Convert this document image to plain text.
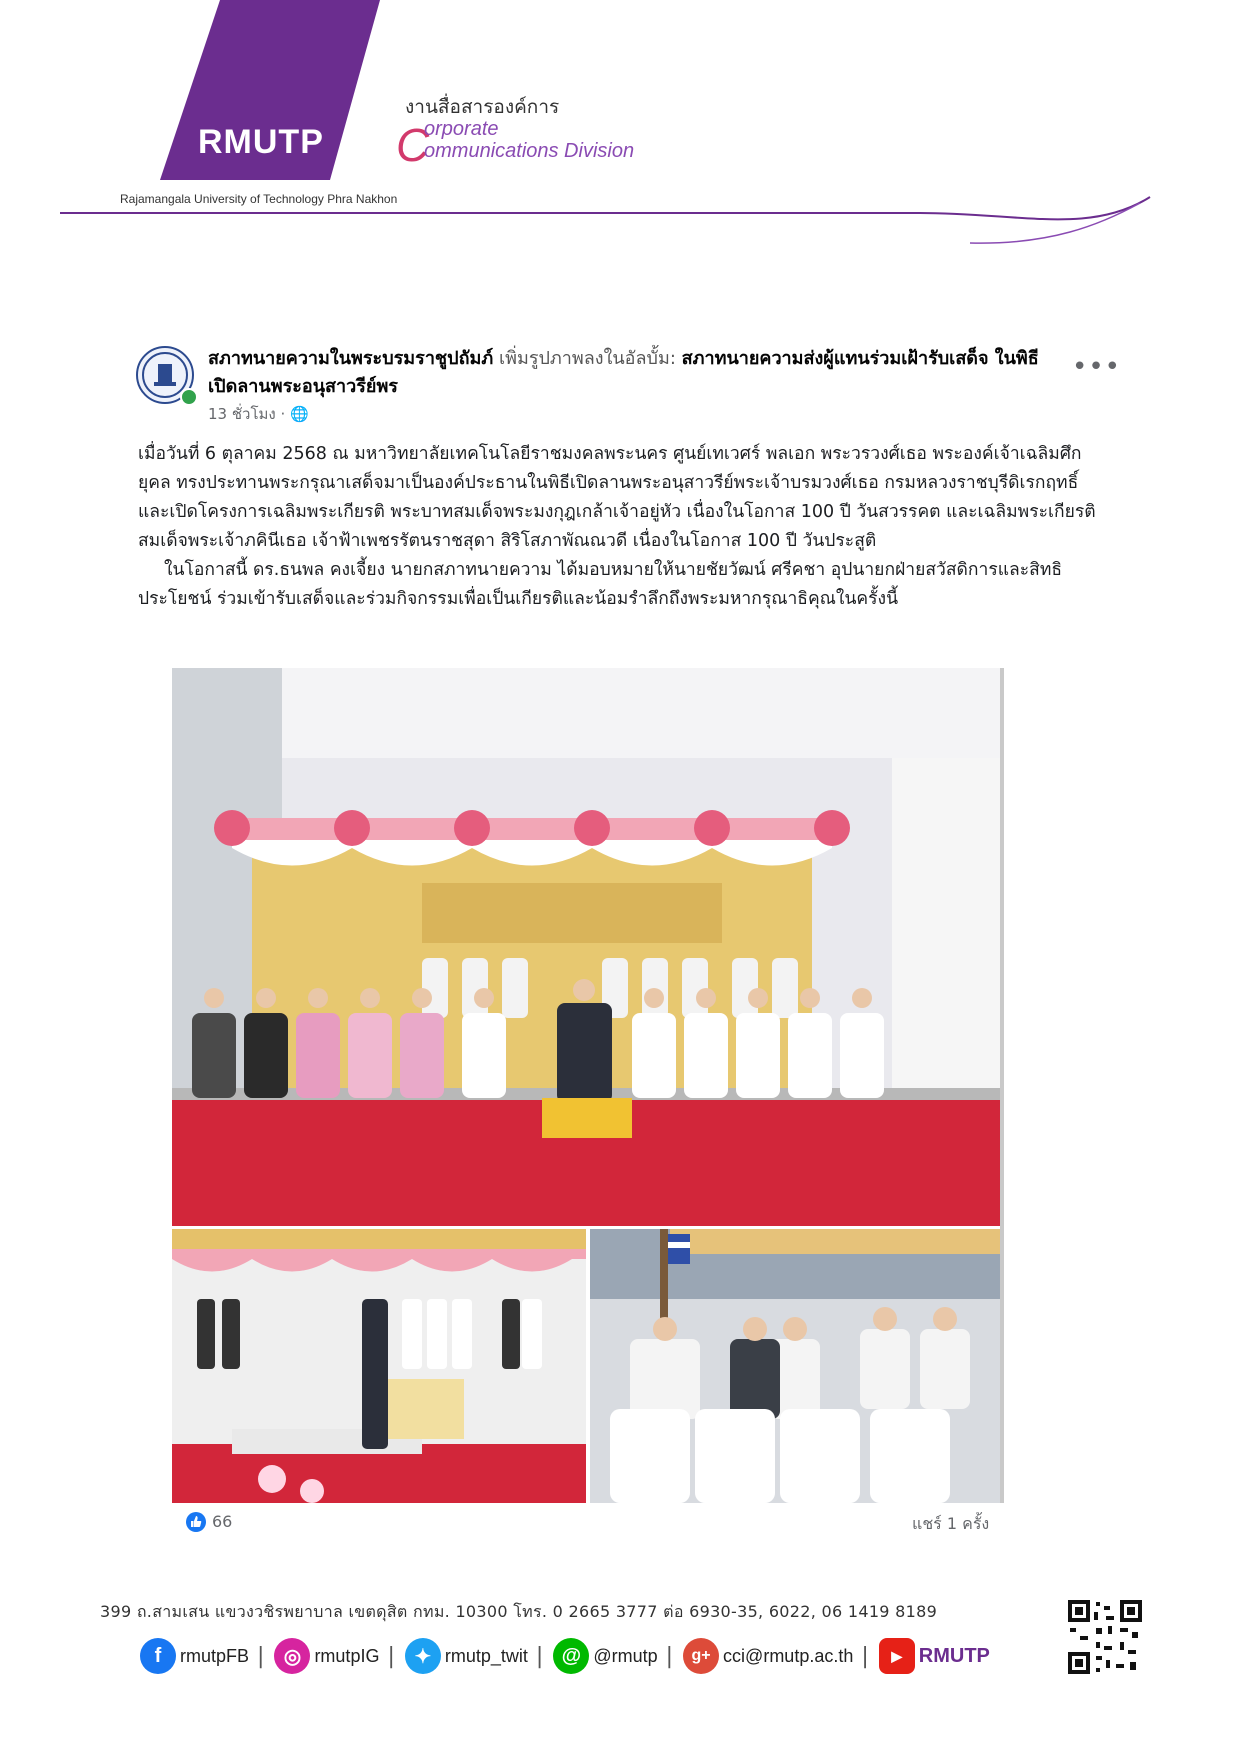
RMUTP
Rajamangala University of Technology Phra Nakhon
งานสื่อสารองค์การ
C
orporate
ommunications Division
สภาทนายความในพระบรมราชูปถัมภ์ เพิ่มรูปภาพลงในอัลบั้ม: สภาทนายความส่งผู้แทนร่วมเฝ้ารับเสด็จ ในพิธีเปิดลานพระอนุสาวรีย์พร
13 ชั่วโมง · 🌐
•••

เมื่อวันที่ 6 ตุลาคม 2568 ณ มหาวิทยาลัยเทคโนโลยีราชมงคลพระนคร ศูนย์เทเวศร์ พลเอก พระวรวงศ์เธอ พระองค์เจ้าเฉลิมศึกยุคล ทรงประทานพระกรุณาเสด็จมาเป็นองค์ประธานในพิธีเปิดลานพระอนุสาวรีย์พระเจ้าบรมวงศ์เธอ กรมหลวงราชบุรีดิเรกฤทธิ์ และเปิดโครงการเฉลิมพระเกียรติ พระบาทสมเด็จพระมงกุฎเกล้าเจ้าอยู่หัว เนื่องในโอกาส 100 ปี วันสวรรคต และเฉลิมพระเกียรติ สมเด็จพระเจ้าภคินีเธอ เจ้าฟ้าเพชรรัตนราชสุดา สิริโสภาพัณณวดี เนื่องในโอกาส 100 ปี วันประสูติ

ในโอกาสนี้ ดร.ธนพล คงเจี้ยง นายกสภาทนายความ ได้มอบหมายให้นายชัยวัฒน์ ศรีคชา อุปนายกฝ่ายสวัสดิการและสิทธิประโยชน์ ร่วมเข้ารับเสด็จและร่วมกิจกรรมเพื่อเป็นเกียรติและน้อมรำลึกถึงพระมหากรุณาธิคุณในครั้งนี้

66	แชร์ 1 ครั้ง
399 ถ.สามเสน แขวงวชิรพยาบาล เขตดุสิต กทม. 10300 โทร. 0 2665 3777 ต่อ 6930-35, 6022, 06 1419 8189
f	rmutpFB | ◎ rmutpIG | ✦ rmutp_twit | @ @rmutp |	g+ cci@rmutp.ac.th |	▶ RMUTP
